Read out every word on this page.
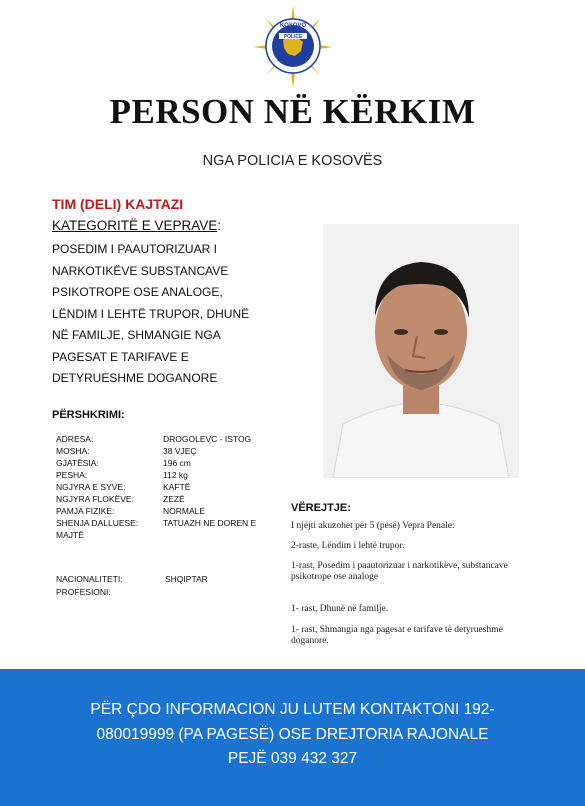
KOSOVO
POLICE
PERSON NË KËRKIM
NGA POLICIA E KOSOVËS
TIM (DELI) KAJTAZI
KATEGORITË E VEPRAVE:
POSEDIM I PAAUTORIZUAR I
NARKOTIKËVE SUBSTANCAVE
PSIKOTROPE OSE ANALOGE,
LËNDIM I LEHTË TRUPOR, DHUNË
NË FAMILJE, SHMANGIE NGA
PAGESAT E TARIFAVE E
DETYRUESHME DOGANORE
PËRSHKRIMI:
ADRESA:	DROGOLEVC - ISTOG
MOSHA:	38 VJEÇ
GJATËSIA:	196 cm
PESHA:	112 kg
NGJYRA E SYVE:	KAFTË
NGJYRA FLOKËVE:	ZEZË
PAMJA FIZIKE:	NORMALE
SHENJA DALLUESE:	TATUAZH NE DOREN E
MAJTË
NACIONALITETI:	SHQIPTAR
PROFESIONI:
VËREJTJE:
I njëjti akuzohet për 5 (pesë) Vepra Penale:
2-raste, Lëndim i lehtë trupor.
1-rast, Posedim i paautorizuar i narkotikëve, substancave psikotrope ose analoge
1- rast, Dhunë në familje.
1- rast, Shmangia nga pagesat e tarifave të detyrueshme doganore.
PËR ÇDO INFORMACION JU LUTEM KONTAKTONI 192-
080019999 (PA PAGESË) OSE DREJTORIA RAJONALE
PEJË 039 432 327
